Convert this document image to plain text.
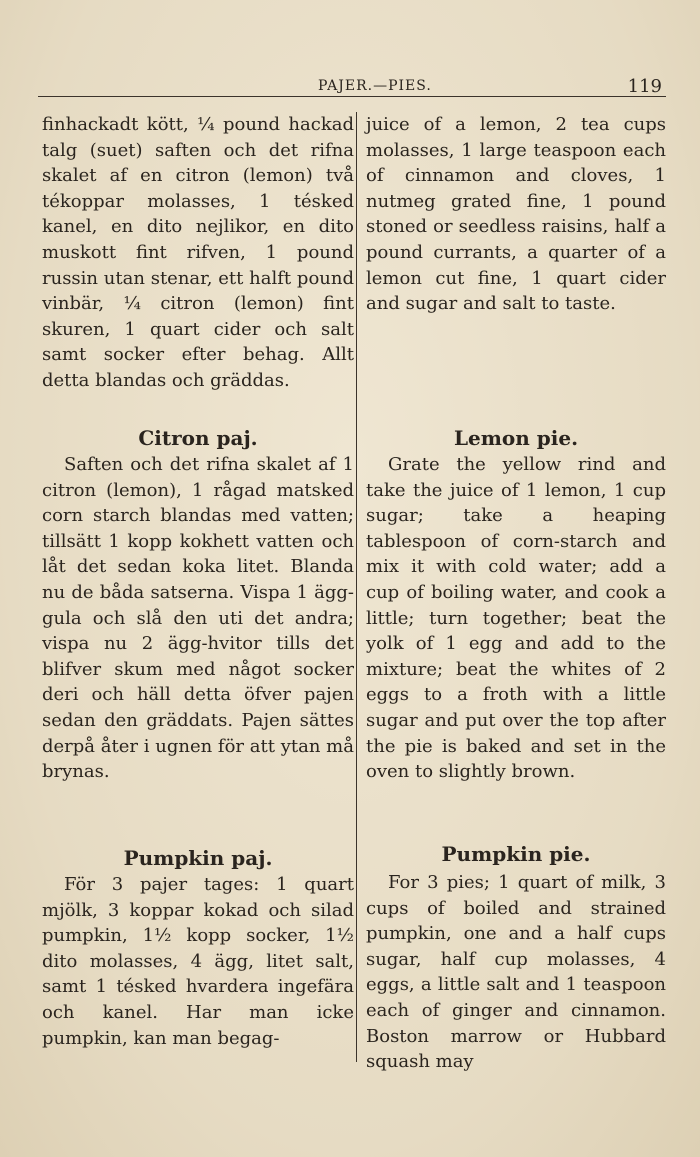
PAJER.—PIES.	119

finhackadt kött, ¼ pound hackad talg (suet) saften och det rifna skalet af en citron (lemon) två tékoppar molasses, 1 tésked kanel, en dito nejlikor, en dito muskott fint rifven, 1 pound russin utan stenar, ett halft pound vinbär, ¼ citron (lemon) fint skuren, 1 quart cider och salt samt socker efter behag. Allt detta blandas och gräddas.

Citron paj.

Saften och det rifna skalet af 1 citron (lemon), 1 rågad matsked corn starch blandas med vatten; tillsätt 1 kopp kokhett vatten och låt det sedan koka litet. Blanda nu de båda satserna. Vispa 1 ägg-gula och slå den uti det andra; vispa nu 2 ägg-hvitor tills det blifver skum med något socker deri och häll detta öfver pajen sedan den gräddats. Pajen sättes derpå åter i ugnen för att ytan må brynas.

Pumpkin paj.

För 3 pajer tages: 1 quart mjölk, 3 koppar kokad och silad pumpkin, 1½ kopp socker, 1½ dito molasses, 4 ägg, litet salt, samt 1 tésked hvardera ingefära och kanel. Har man icke pumpkin, kan man begag-

juice of a lemon, 2 tea cups molasses, 1 large teaspoon each of cinnamon and cloves, 1 nutmeg grated fine, 1 pound stoned or seedless raisins, half a pound currants, a quarter of a lemon cut fine, 1 quart cider and sugar and salt to taste.

Lemon pie.

Grate the yellow rind and take the juice of 1 lemon, 1 cup sugar; take a heaping tablespoon of corn-starch and mix it with cold water; add a cup of boiling water, and cook a little; turn together; beat the yolk of 1 egg and add to the mixture; beat the whites of 2 eggs to a froth with a little sugar and put over the top after the pie is baked and set in the oven to slightly brown.

Pumpkin pie.

For 3 pies; 1 quart of milk, 3 cups of boiled and strained pumpkin, one and a half cups sugar, half cup molasses, 4 eggs, a little salt and 1 teaspoon each of ginger and cinnamon. Boston marrow or Hubbard squash may
